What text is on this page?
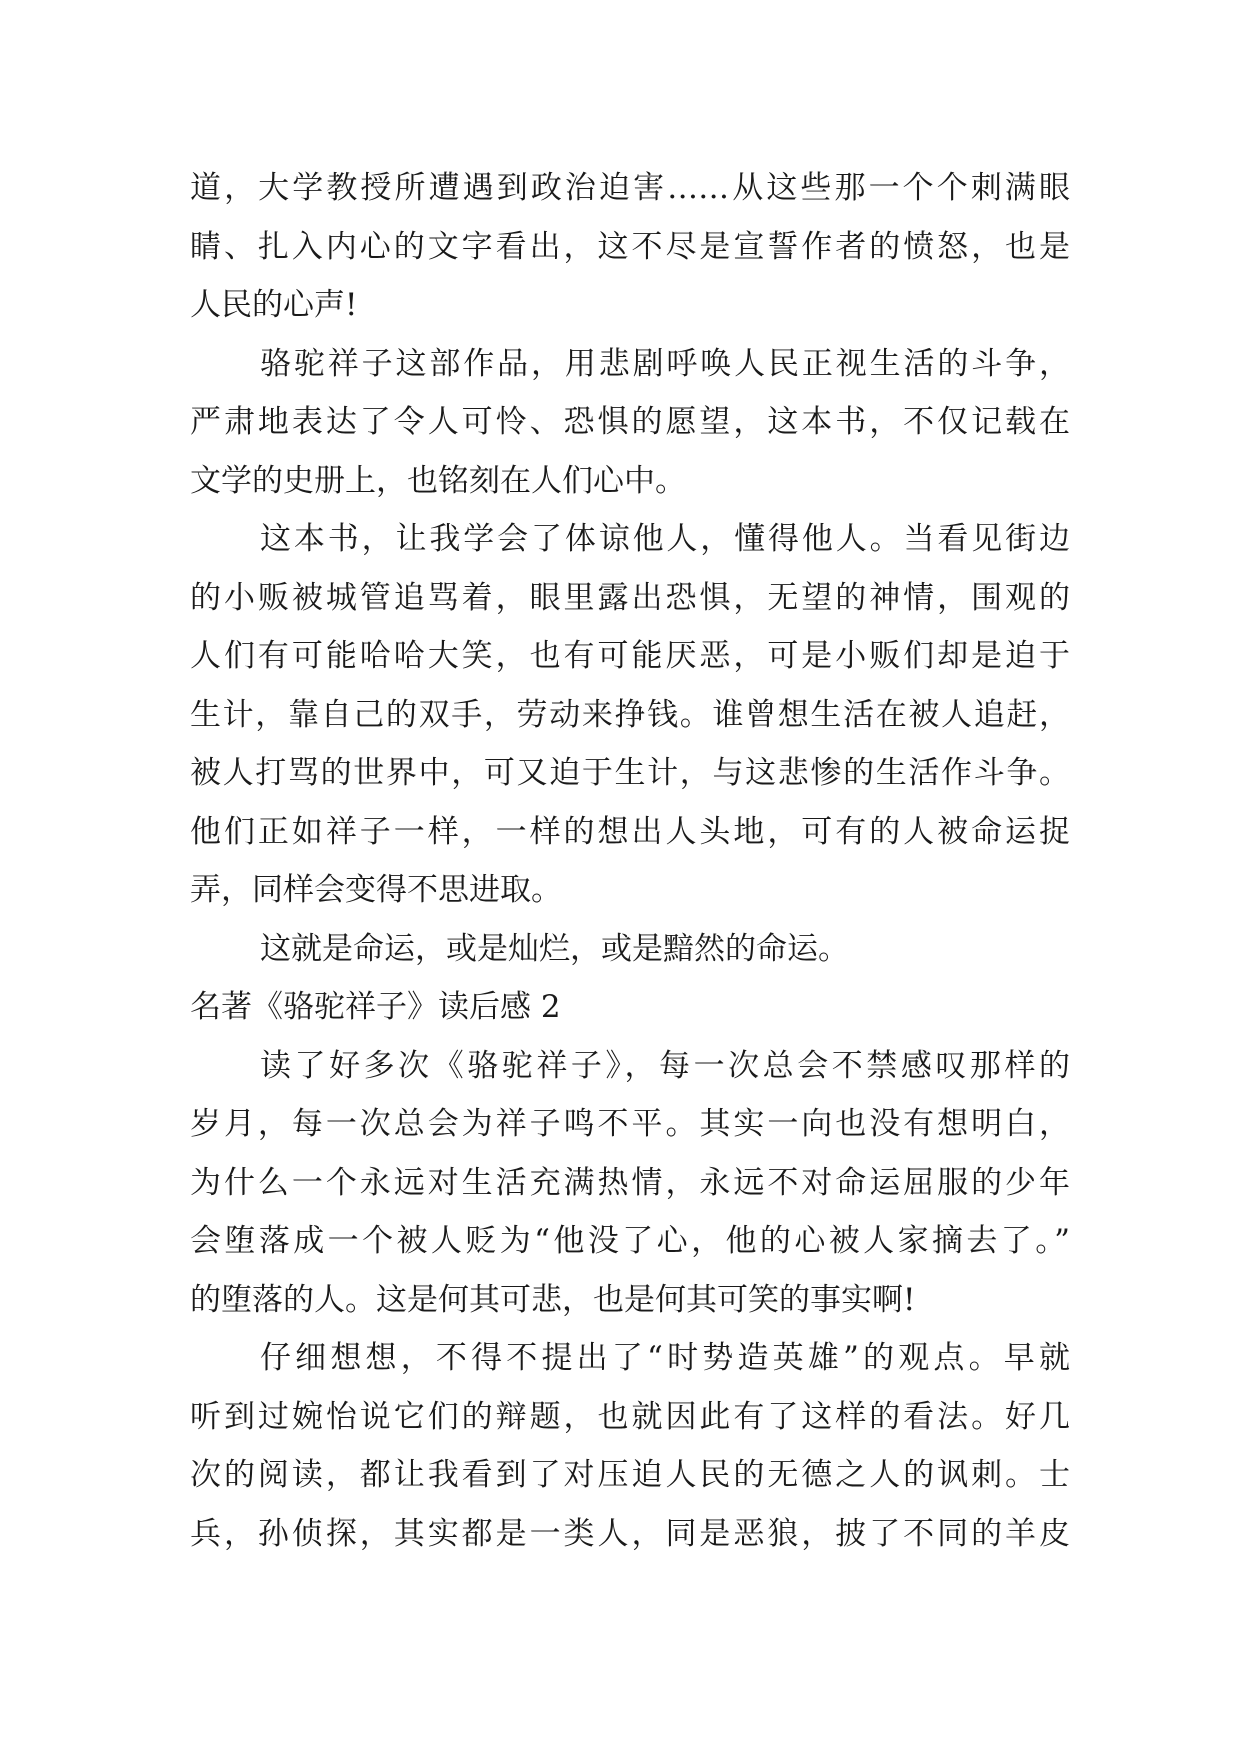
道，大学教授所遭遇到政治迫害……从这些那一个个刺满眼
睛、扎入内心的文字看出，这不尽是宣誓作者的愤怒，也是
人民的心声!
骆驼祥子这部作品，用悲剧呼唤人民正视生活的斗争，
严肃地表达了令人可怜、恐惧的愿望，这本书，不仅记载在
文学的史册上，也铭刻在人们心中。
这本书，让我学会了体谅他人，懂得他人。当看见街边
的小贩被城管追骂着，眼里露出恐惧，无望的神情，围观的
人们有可能哈哈大笑，也有可能厌恶，可是小贩们却是迫于
生计，靠自己的双手，劳动来挣钱。谁曾想生活在被人追赶，
被人打骂的世界中，可又迫于生计，与这悲惨的生活作斗争。
他们正如祥子一样，一样的想出人头地，可有的人被命运捉
弄，同样会变得不思进取。
这就是命运，或是灿烂，或是黯然的命运。
名著《骆驼祥子》读后感 2
读了好多次《骆驼祥子》，每一次总会不禁感叹那样的
岁月，每一次总会为祥子鸣不平。其实一向也没有想明白，
为什么一个永远对生活充满热情，永远不对命运屈服的少年
会堕落成一个被人贬为“他没了心，他的心被人家摘去了。”
的堕落的人。这是何其可悲，也是何其可笑的事实啊!
仔细想想，不得不提出了“时势造英雄”的观点。早就
听到过婉怡说它们的辩题，也就因此有了这样的看法。好几
次的阅读，都让我看到了对压迫人民的无德之人的讽刺。士
兵，孙侦探，其实都是一类人，同是恶狼，披了不同的羊皮
